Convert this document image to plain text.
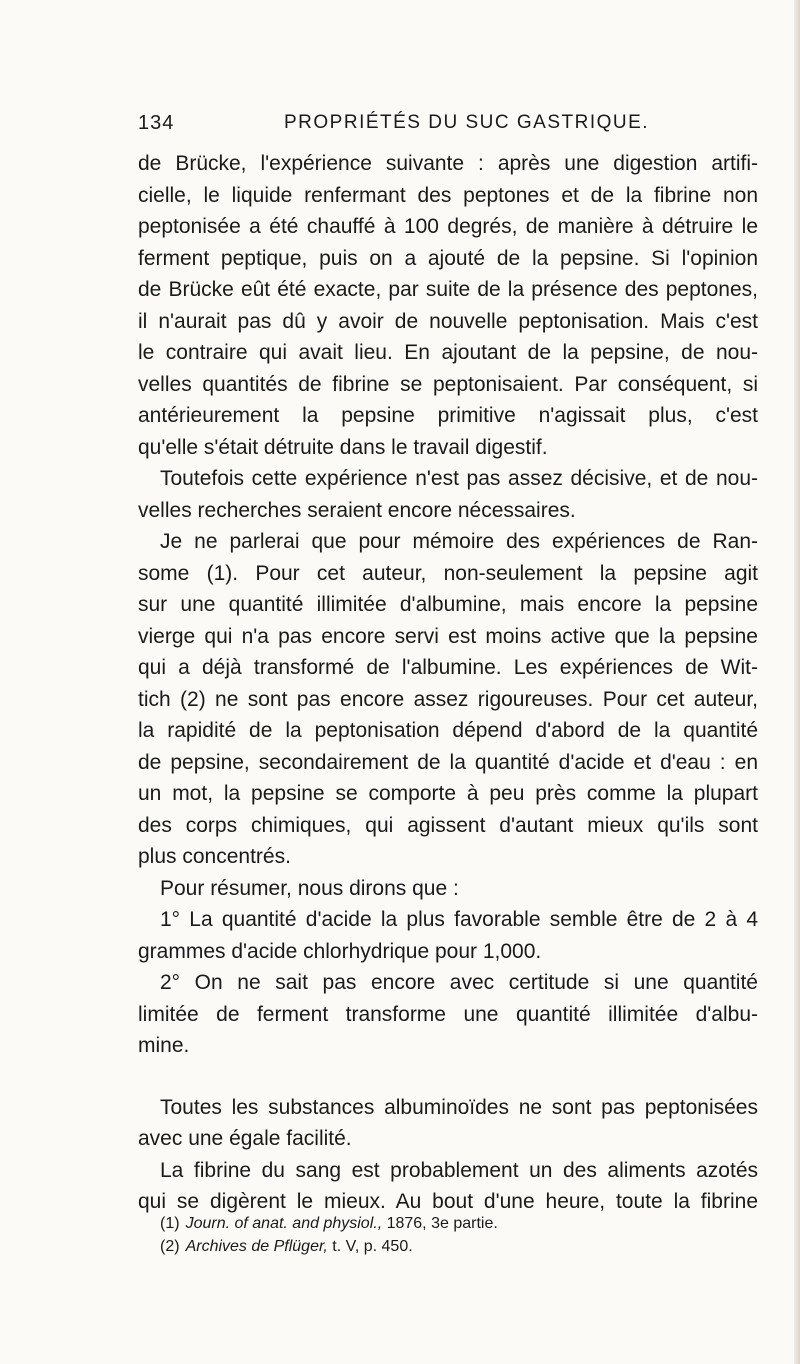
134	PROPRIÉTÉS DU SUC GASTRIQUE.
de Brücke, l'expérience suivante : après une digestion artifi-
cielle, le liquide renfermant des peptones et de la fibrine non
peptonisée a été chauffé à 100 degrés, de manière à détruire le
ferment peptique, puis on a ajouté de la pepsine. Si l'opinion
de Brücke eût été exacte, par suite de la présence des peptones,
il n'aurait pas dû y avoir de nouvelle peptonisation. Mais c'est
le contraire qui avait lieu. En ajoutant de la pepsine, de nou-
velles quantités de fibrine se peptonisaient. Par conséquent, si
antérieurement la pepsine primitive n'agissait plus, c'est
qu'elle s'était détruite dans le travail digestif.
Toutefois cette expérience n'est pas assez décisive, et de nou-
velles recherches seraient encore nécessaires.
Je ne parlerai que pour mémoire des expériences de Ran-
some (1). Pour cet auteur, non-seulement la pepsine agit
sur une quantité illimitée d'albumine, mais encore la pepsine
vierge qui n'a pas encore servi est moins active que la pepsine
qui a déjà transformé de l'albumine. Les expériences de Wit-
tich (2) ne sont pas encore assez rigoureuses. Pour cet auteur,
la rapidité de la peptonisation dépend d'abord de la quantité
de pepsine, secondairement de la quantité d'acide et d'eau : en
un mot, la pepsine se comporte à peu près comme la plupart
des corps chimiques, qui agissent d'autant mieux qu'ils sont
plus concentrés.
Pour résumer, nous dirons que :
1° La quantité d'acide la plus favorable semble être de 2 à 4
grammes d'acide chlorhydrique pour 1,000.
2° On ne sait pas encore avec certitude si une quantité
limitée de ferment transforme une quantité illimitée d'albu-
mine.
Toutes les substances albuminoïdes ne sont pas peptonisées
avec une égale facilité.
La fibrine du sang est probablement un des aliments azotés
qui se digèrent le mieux. Au bout d'une heure, toute la fibrine
(1) Journ. of anat. and physiol., 1876, 3e partie.
(2) Archives de Pflüger, t. V, p. 450.
